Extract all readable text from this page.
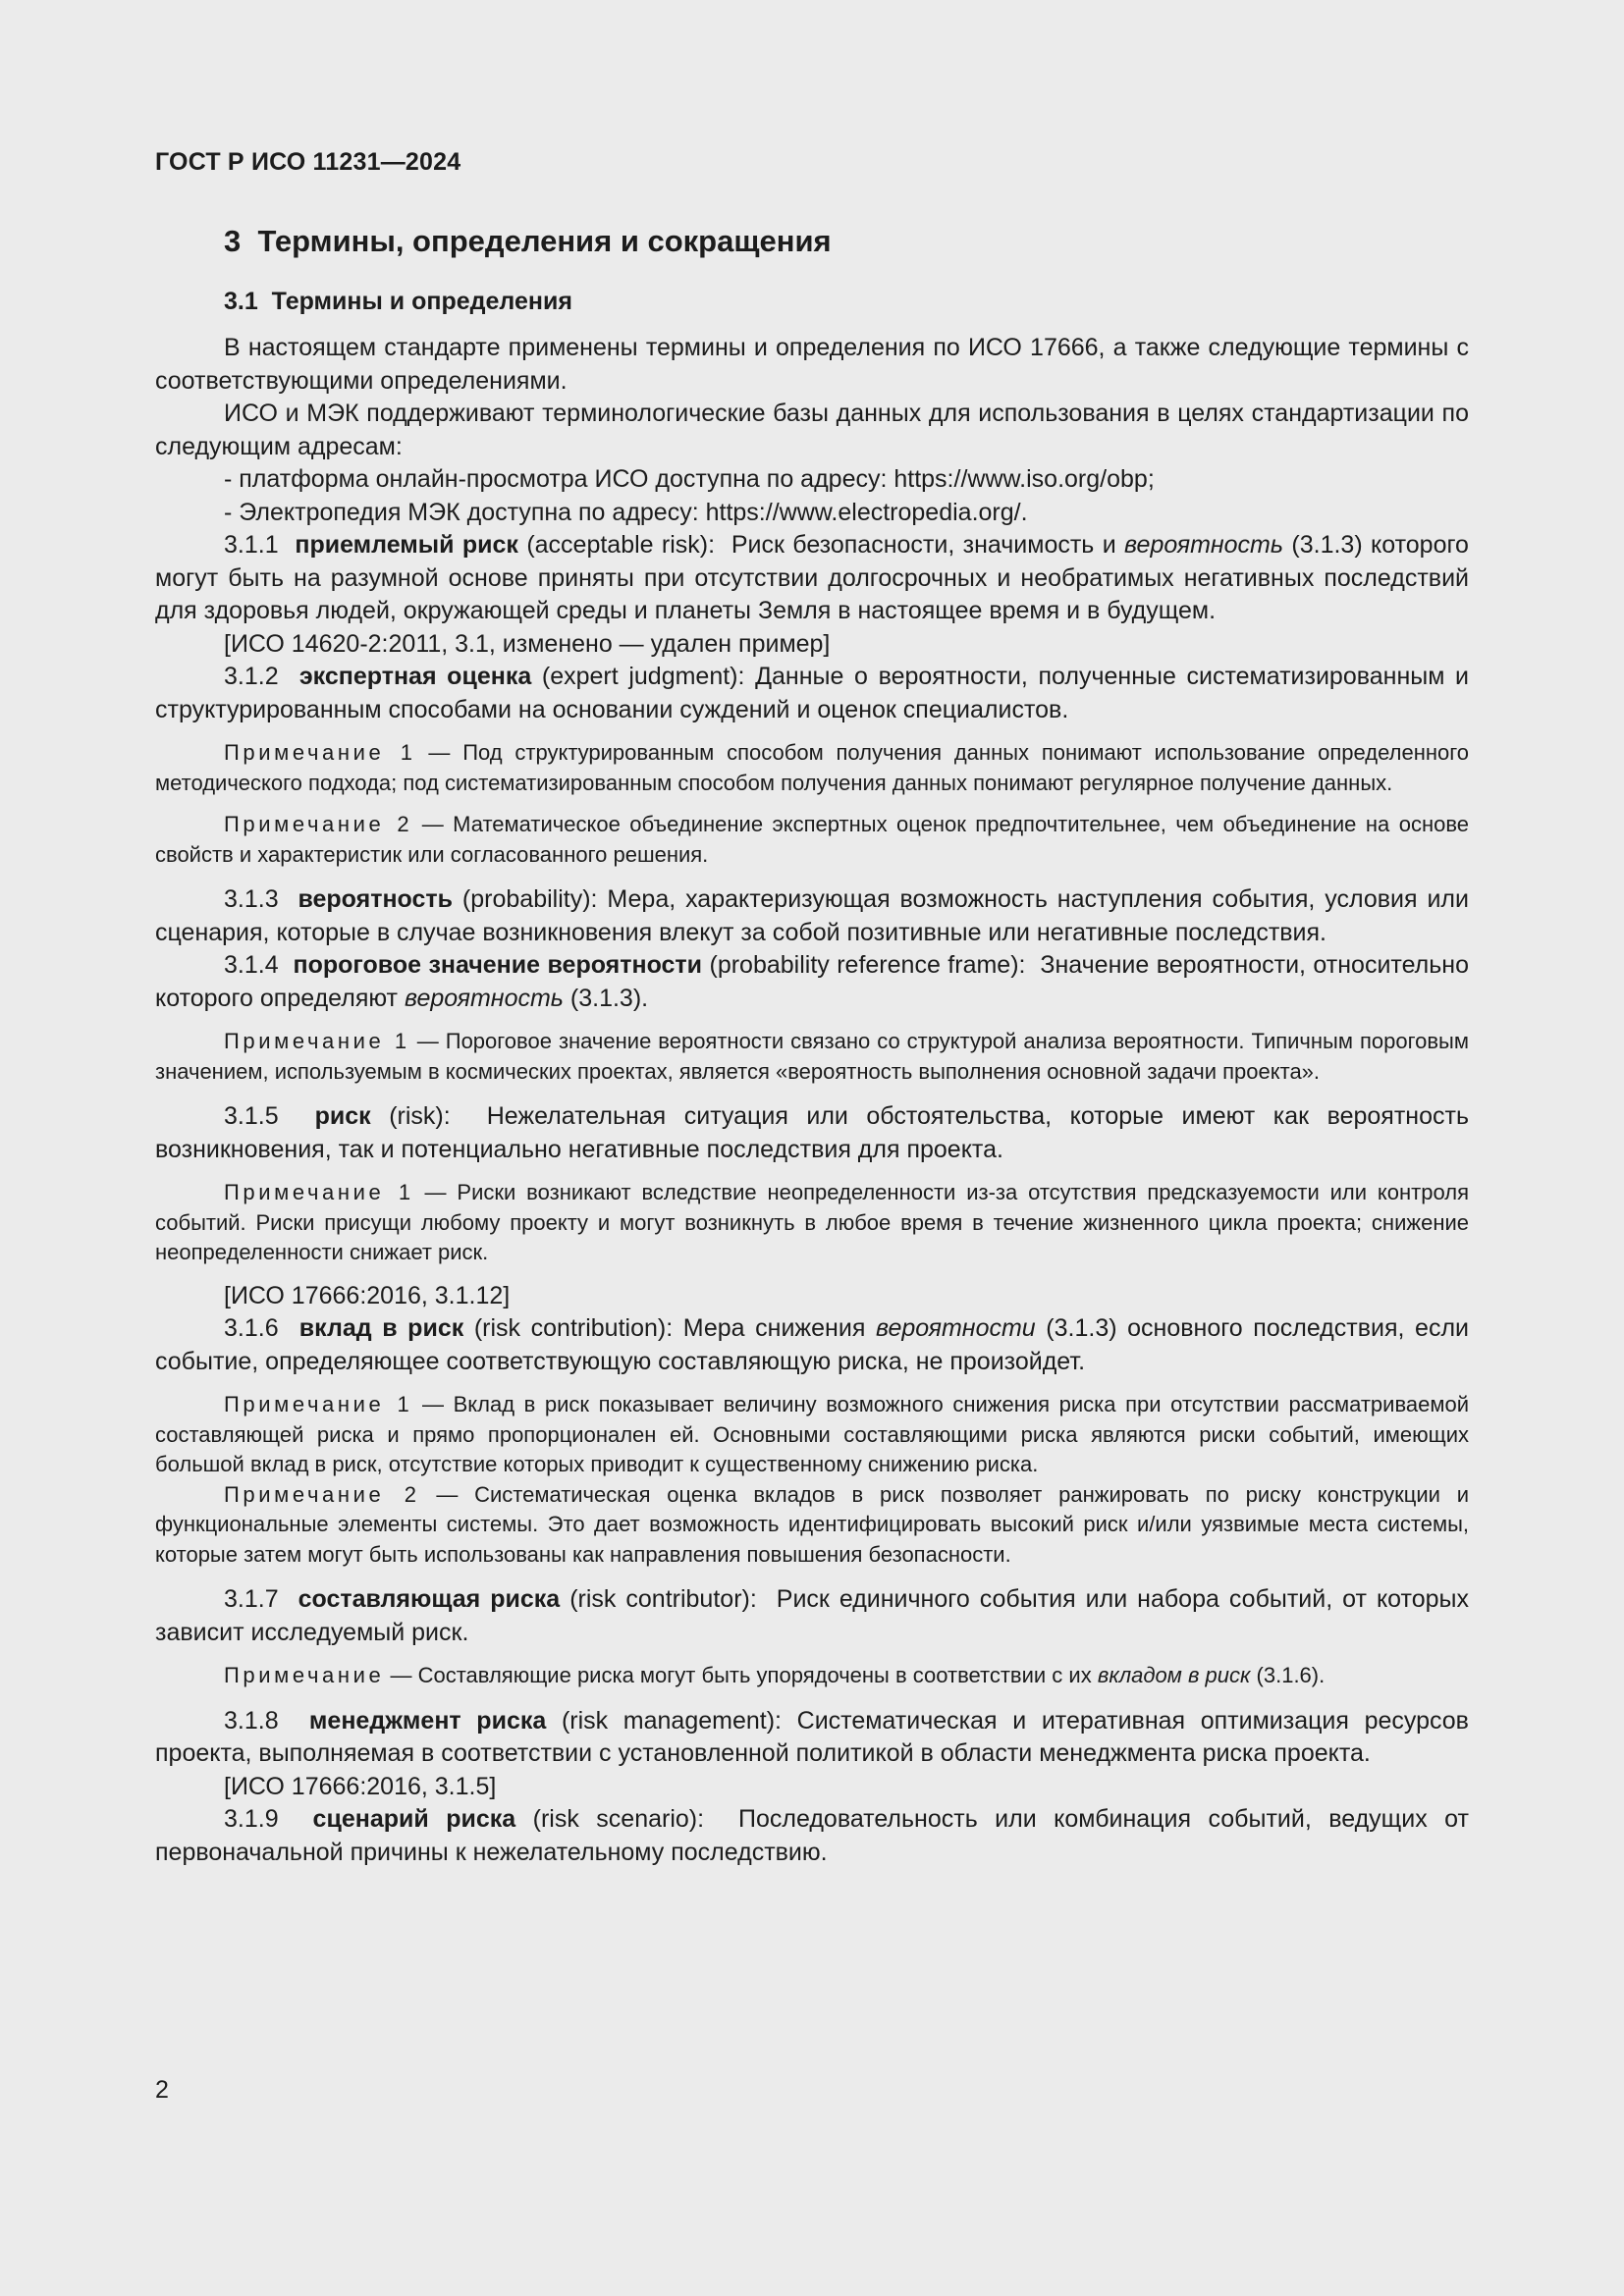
ГОСТ Р ИСО 11231—2024
3 Термины, определения и сокращения
3.1 Термины и определения

В настоящем стандарте применены термины и определения по ИСО 17666, а также следующие термины с соответствующими определениями.

ИСО и МЭК поддерживают терминологические базы данных для использования в целях стандартизации по следующим адресам:

- платформа онлайн-просмотра ИСО доступна по адресу: https://www.iso.org/obp;

- Электропедия МЭК доступна по адресу: https://www.electropedia.org/.

3.1.1 приемлемый риск (acceptable risk): Риск безопасности, значимость и вероятность (3.1.3) которого могут быть на разумной основе приняты при отсутствии долгосрочных и необратимых негативных последствий для здоровья людей, окружающей среды и планеты Земля в настоящее время и в будущем.

[ИСО 14620-2:2011, 3.1, изменено — удален пример]

3.1.2 экспертная оценка (expert judgment): Данные о вероятности, полученные систематизированным и структурированным способами на основании суждений и оценок специалистов.

Примечание 1 — Под структурированным способом получения данных понимают использование определенного методического подхода; под систематизированным способом получения данных понимают регулярное получение данных.

Примечание 2 — Математическое объединение экспертных оценок предпочтительнее, чем объединение на основе свойств и характеристик или согласованного решения.

3.1.3 вероятность (probability): Мера, характеризующая возможность наступления события, условия или сценария, которые в случае возникновения влекут за собой позитивные или негативные последствия.

3.1.4 пороговое значение вероятности (probability reference frame): Значение вероятности, относительно которого определяют вероятность (3.1.3).

Примечание 1 — Пороговое значение вероятности связано со структурой анализа вероятности. Типичным пороговым значением, используемым в космических проектах, является «вероятность выполнения основной задачи проекта».

3.1.5 риск (risk): Нежелательная ситуация или обстоятельства, которые имеют как вероятность возникновения, так и потенциально негативные последствия для проекта.

Примечание 1 — Риски возникают вследствие неопределенности из-за отсутствия предсказуемости или контроля событий. Риски присущи любому проекту и могут возникнуть в любое время в течение жизненного цикла проекта; снижение неопределенности снижает риск.

[ИСО 17666:2016, 3.1.12]

3.1.6 вклад в риск (risk contribution): Мера снижения вероятности (3.1.3) основного последствия, если событие, определяющее соответствующую составляющую риска, не произойдет.

Примечание 1 — Вклад в риск показывает величину возможного снижения риска при отсутствии рассматриваемой составляющей риска и прямо пропорционален ей. Основными составляющими риска являются риски событий, имеющих большой вклад в риск, отсутствие которых приводит к существенному снижению риска.

Примечание 2 — Систематическая оценка вкладов в риск позволяет ранжировать по риску конструкции и функциональные элементы системы. Это дает возможность идентифицировать высокий риск и/или уязвимые места системы, которые затем могут быть использованы как направления повышения безопасности.

3.1.7 составляющая риска (risk contributor): Риск единичного события или набора событий, от которых зависит исследуемый риск.

Примечание — Составляющие риска могут быть упорядочены в соответствии с их вкладом в риск (3.1.6).

3.1.8 менеджмент риска (risk management): Систематическая и итеративная оптимизация ресурсов проекта, выполняемая в соответствии с установленной политикой в области менеджмента риска проекта.

[ИСО 17666:2016, 3.1.5]

3.1.9 сценарий риска (risk scenario): Последовательность или комбинация событий, ведущих от первоначальной причины к нежелательному последствию.

2
